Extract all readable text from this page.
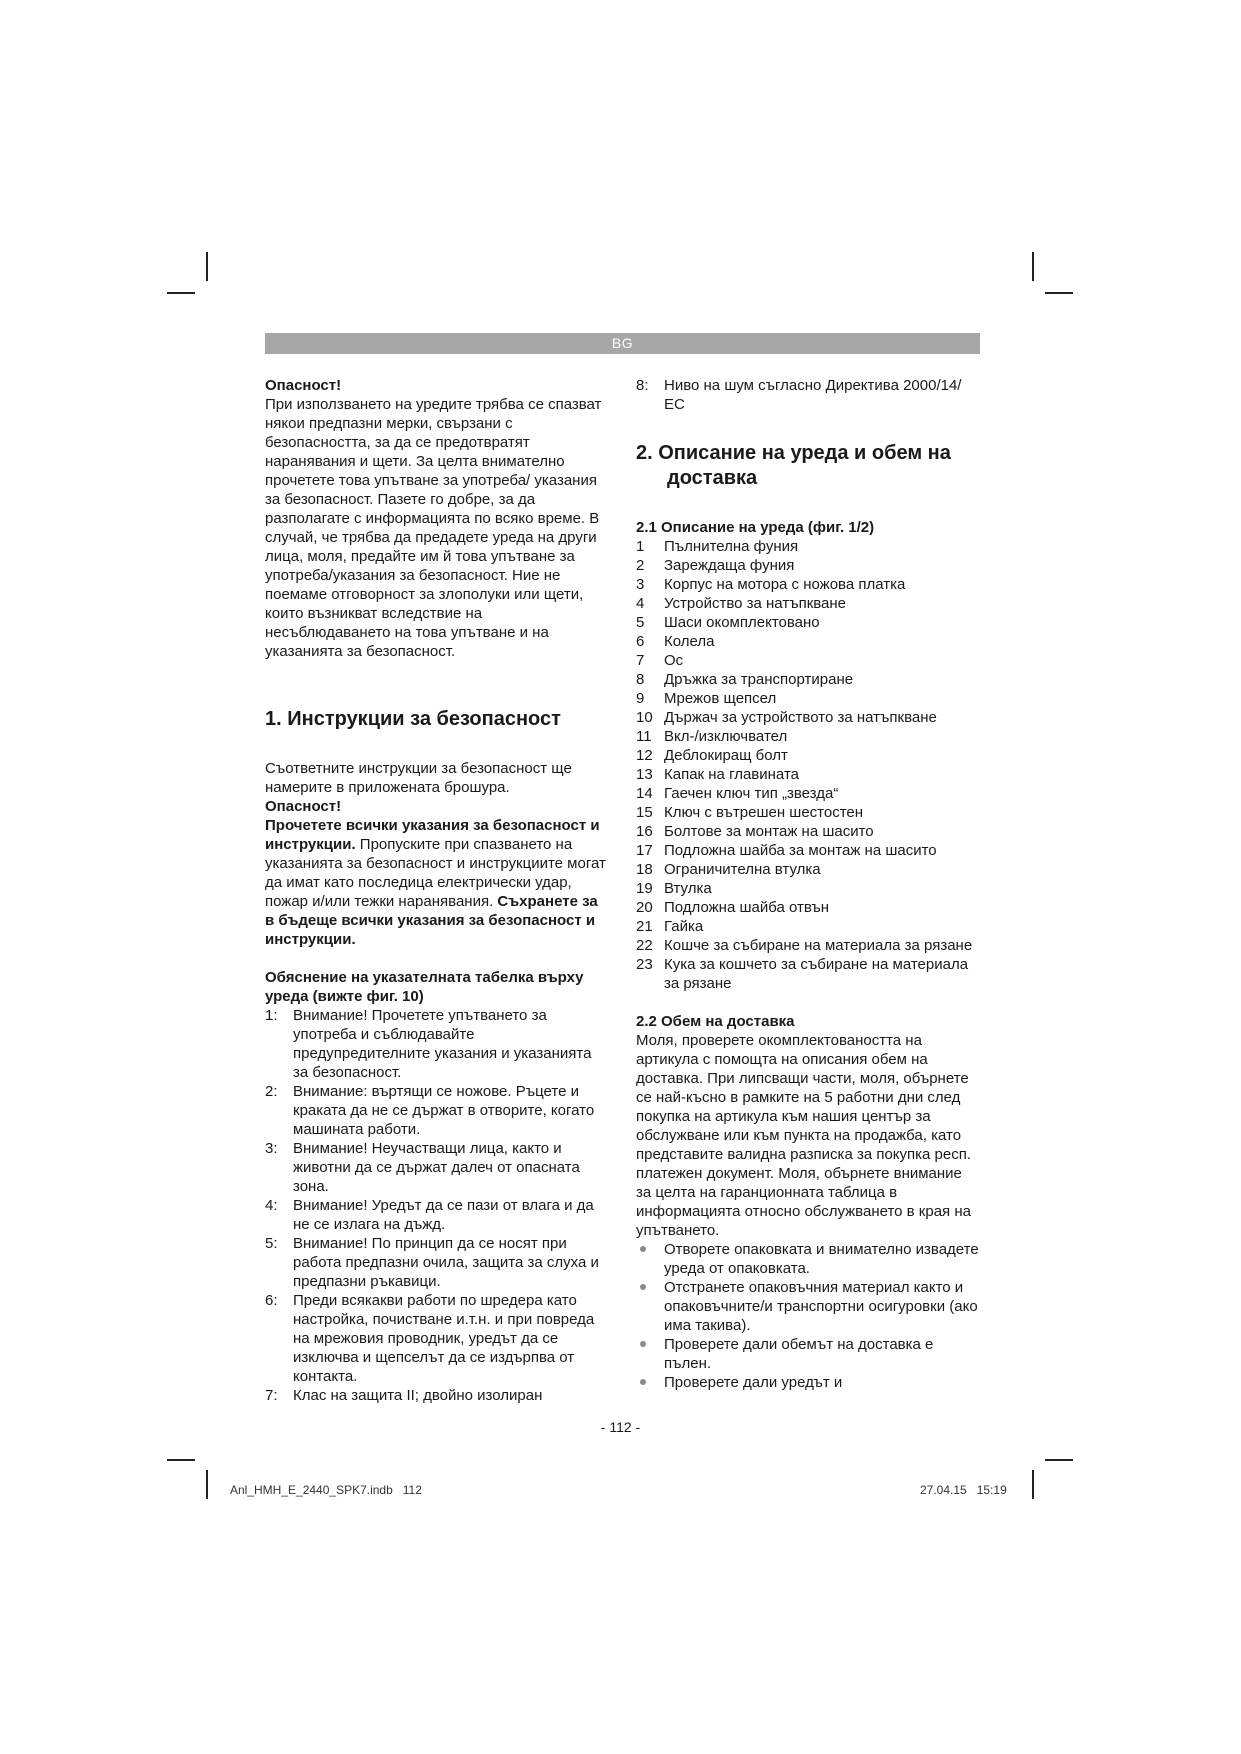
BG

Опасност!

При използването на уредите трябва се спазват някои предпазни мерки, свързани с безопасността, за да се предотвратят наранявания и щети. За целта внимателно прочетете това упътване за употреба/ указания за безопасност. Пазете го добре, за да разполагате с информацията по всяко време. В случай, че трябва да предадете уреда на други лица, моля, предайте им й това упътване за употреба/указания за безопасност. Ние не поемаме отговорност за злополуки или щети, които възникват вследствие на несъблюдаването на това упътване и на указанията за безопасност.

1. Инструкции за безопасност

Съответните инструкции за безопасност ще намерите в приложената брошура.

Опасност!

Прочетете всички указания за безопасност и инструкции. Пропуските при спазването на указанията за безопасност и инструкциите могат да имат като последица електрически удар, пожар и/или тежки наранявания. Съхранете за в бъдеще всички указания за безопасност и инструкции.

Обяснение на указателната табелка върху уреда (вижте фиг. 10)

1: Внимание! Прочетете упътването за употреба и съблюдавайте предупредителните указания и указанията за безопасност.
2: Внимание: въртящи се ножове. Ръцете и краката да не се държат в отворите, когато машината работи.
3: Внимание! Неучастващи лица, както и животни да се държат далеч от опасната зона.
4: Внимание! Уредът да се пази от влага и да не се излага на дъжд.
5: Внимание! По принцип да се носят при работа предпазни очила, защита за слуха и предпазни ръкавици.
6: Преди всякакви работи по шредера като настройка, почистване и.т.н. и при повреда на мрежовия проводник, уредът да се изключва и щепселът да се издърпва от контакта.
7: Клас на защита II; двойно изолиран
8: Ниво на шум съгласно Директива 2000/14/ EC

2. Описание на уреда и обем на доставка

2.1 Описание на уреда (фиг. 1/2)

1 Пълнителна фуния
2 Зареждаща фуния
3 Корпус на мотора с ножова платка
4 Устройство за натъпкване
5 Шаси окомплектовано
6 Колела
7 Ос
8 Дръжка за транспортиране
9 Мрежов щепсел
10 Държач за устройството за натъпкване
11 Вкл-/изключвател
12 Деблокиращ болт
13 Капак на главината
14 Гаечен ключ тип „звезда“
15 Ключ с вътрешен шестостен
16 Болтове за монтаж на шасито
17 Подложна шайба за монтаж на шасито
18 Ограничителна втулка
19 Втулка
20 Подложна шайба отвън
21 Гайка
22 Кошче за събиране на материала за рязане
23 Кука за кошчето за събиране на материала за рязане

2.2 Обем на доставка

Моля, проверете окомплектоваността на артикула с помощта на описания обем на доставка. При липсващи части, моля, обърнете се най-късно в рамките на 5 работни дни след покупка на артикула към нашия център за обслужване или към пункта на продажба, като представите валидна разписка за покупка респ. платежен документ. Моля, обърнете внимание за целта на гаранционната таблица в информацията относно обслужването в края на упътването.

Отворете опаковката и внимателно извадете уреда от опаковката.
Отстранете опаковъчния материал както и опаковъчните/и транспортни осигуровки (ако има такива).
Проверете дали обемът на доставка е пълен.
Проверете дали уредът и
- 112 -
Anl_HMH_E_2440_SPK7.indb   112	27.04.15   15:19
